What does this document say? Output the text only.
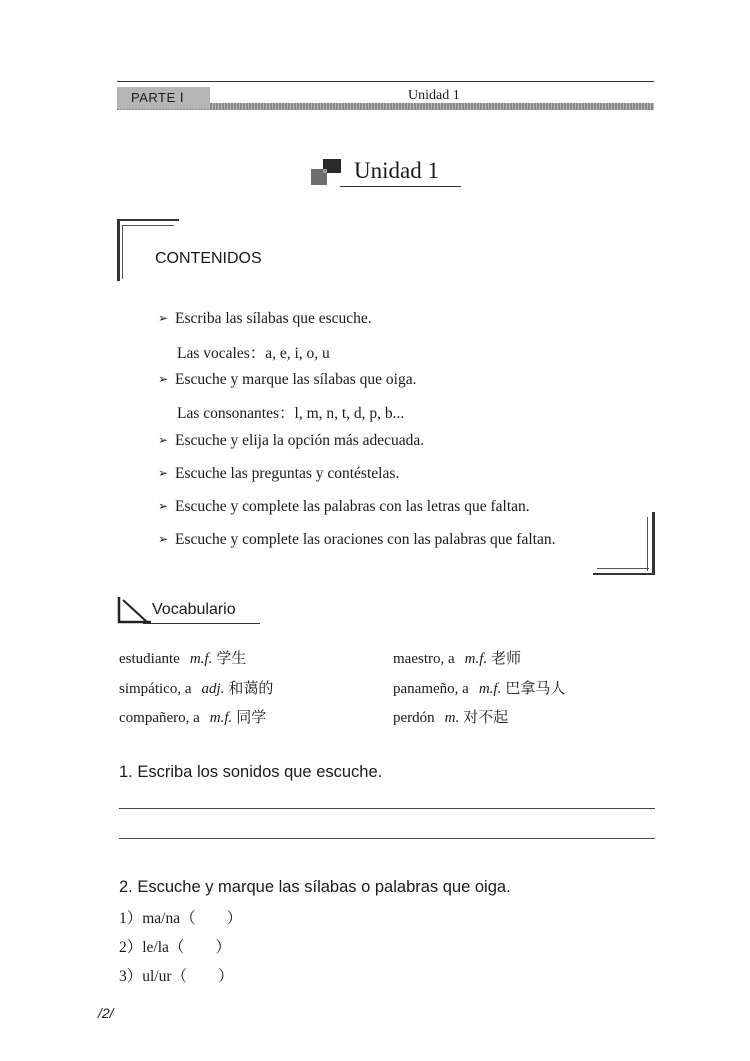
PARTE Ⅰ	Unidad 1
Unidad 1
CONTENIDOS
➢ Escriba las sílabas que escuche.
Las vocales：a, e, i, o, u
➢ Escuche y marque las sílabas que oiga.
Las consonantes：l, m, n, t, d, p, b...
➢ Escuche y elija la opción más adecuada.
➢ Escuche las preguntas y contéstelas.
➢ Escuche y complete las palabras con las letras que faltan.
➢ Escuche y complete las oraciones con las palabras que faltan.
Vocabulario
estudiante m.f. 学生	maestro, a m.f. 老师
simpático, a adj. 和蔼的	panameño, a m.f. 巴拿马人
compañero, a m.f. 同学	perdón m. 对不起
1. Escriba los sonidos que escuche.
2. Escuche y marque las sílabas o palabras que oiga.
1）ma/na（　　）
2）le/la（　　）
3）ul/ur（　　）
/2/
